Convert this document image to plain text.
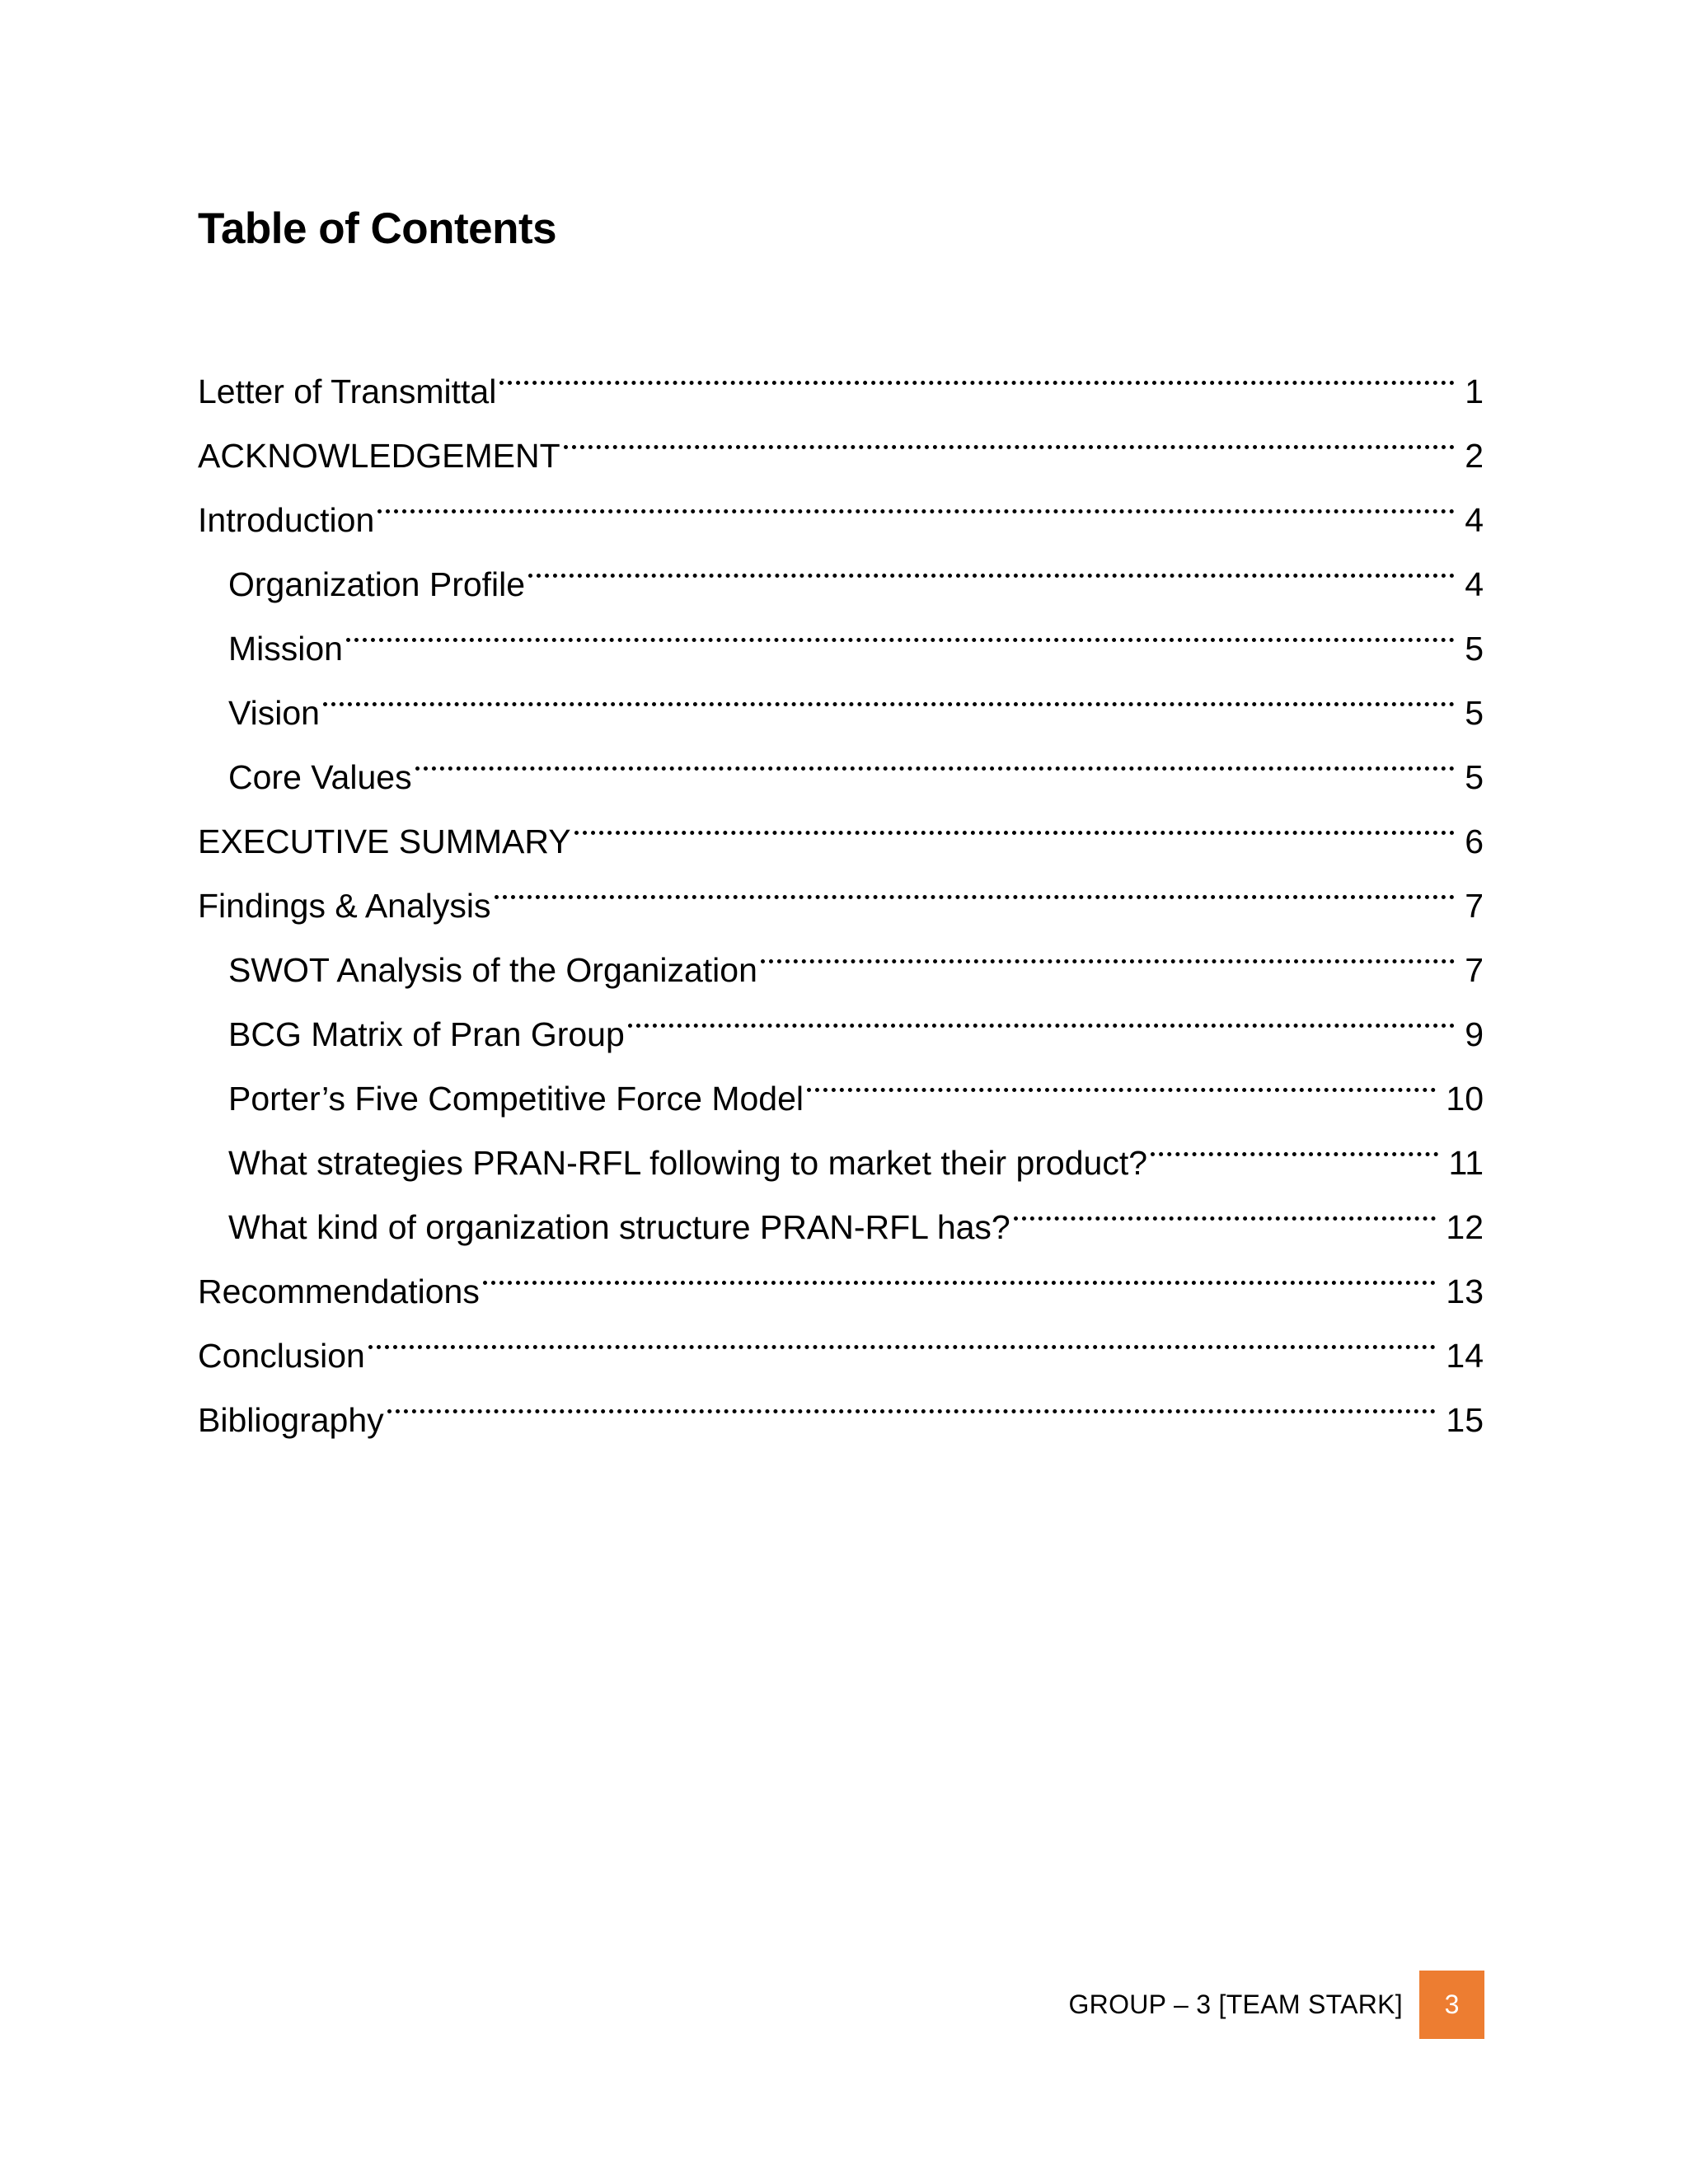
Table of Contents
Letter of Transmittal	1
ACKNOWLEDGEMENT	2
Introduction	4
Organization Profile	4
Mission	5
Vision	5
Core Values	5
EXECUTIVE SUMMARY	6
Findings & Analysis	7
SWOT Analysis of the Organization	7
BCG Matrix of Pran Group	9
Porter’s Five Competitive Force Model	10
What strategies PRAN-RFL following to market their product?	11
What kind of organization structure PRAN-RFL has?	12
Recommendations	13
Conclusion	14
Bibliography	15
GROUP – 3 [TEAM STARK]	3
